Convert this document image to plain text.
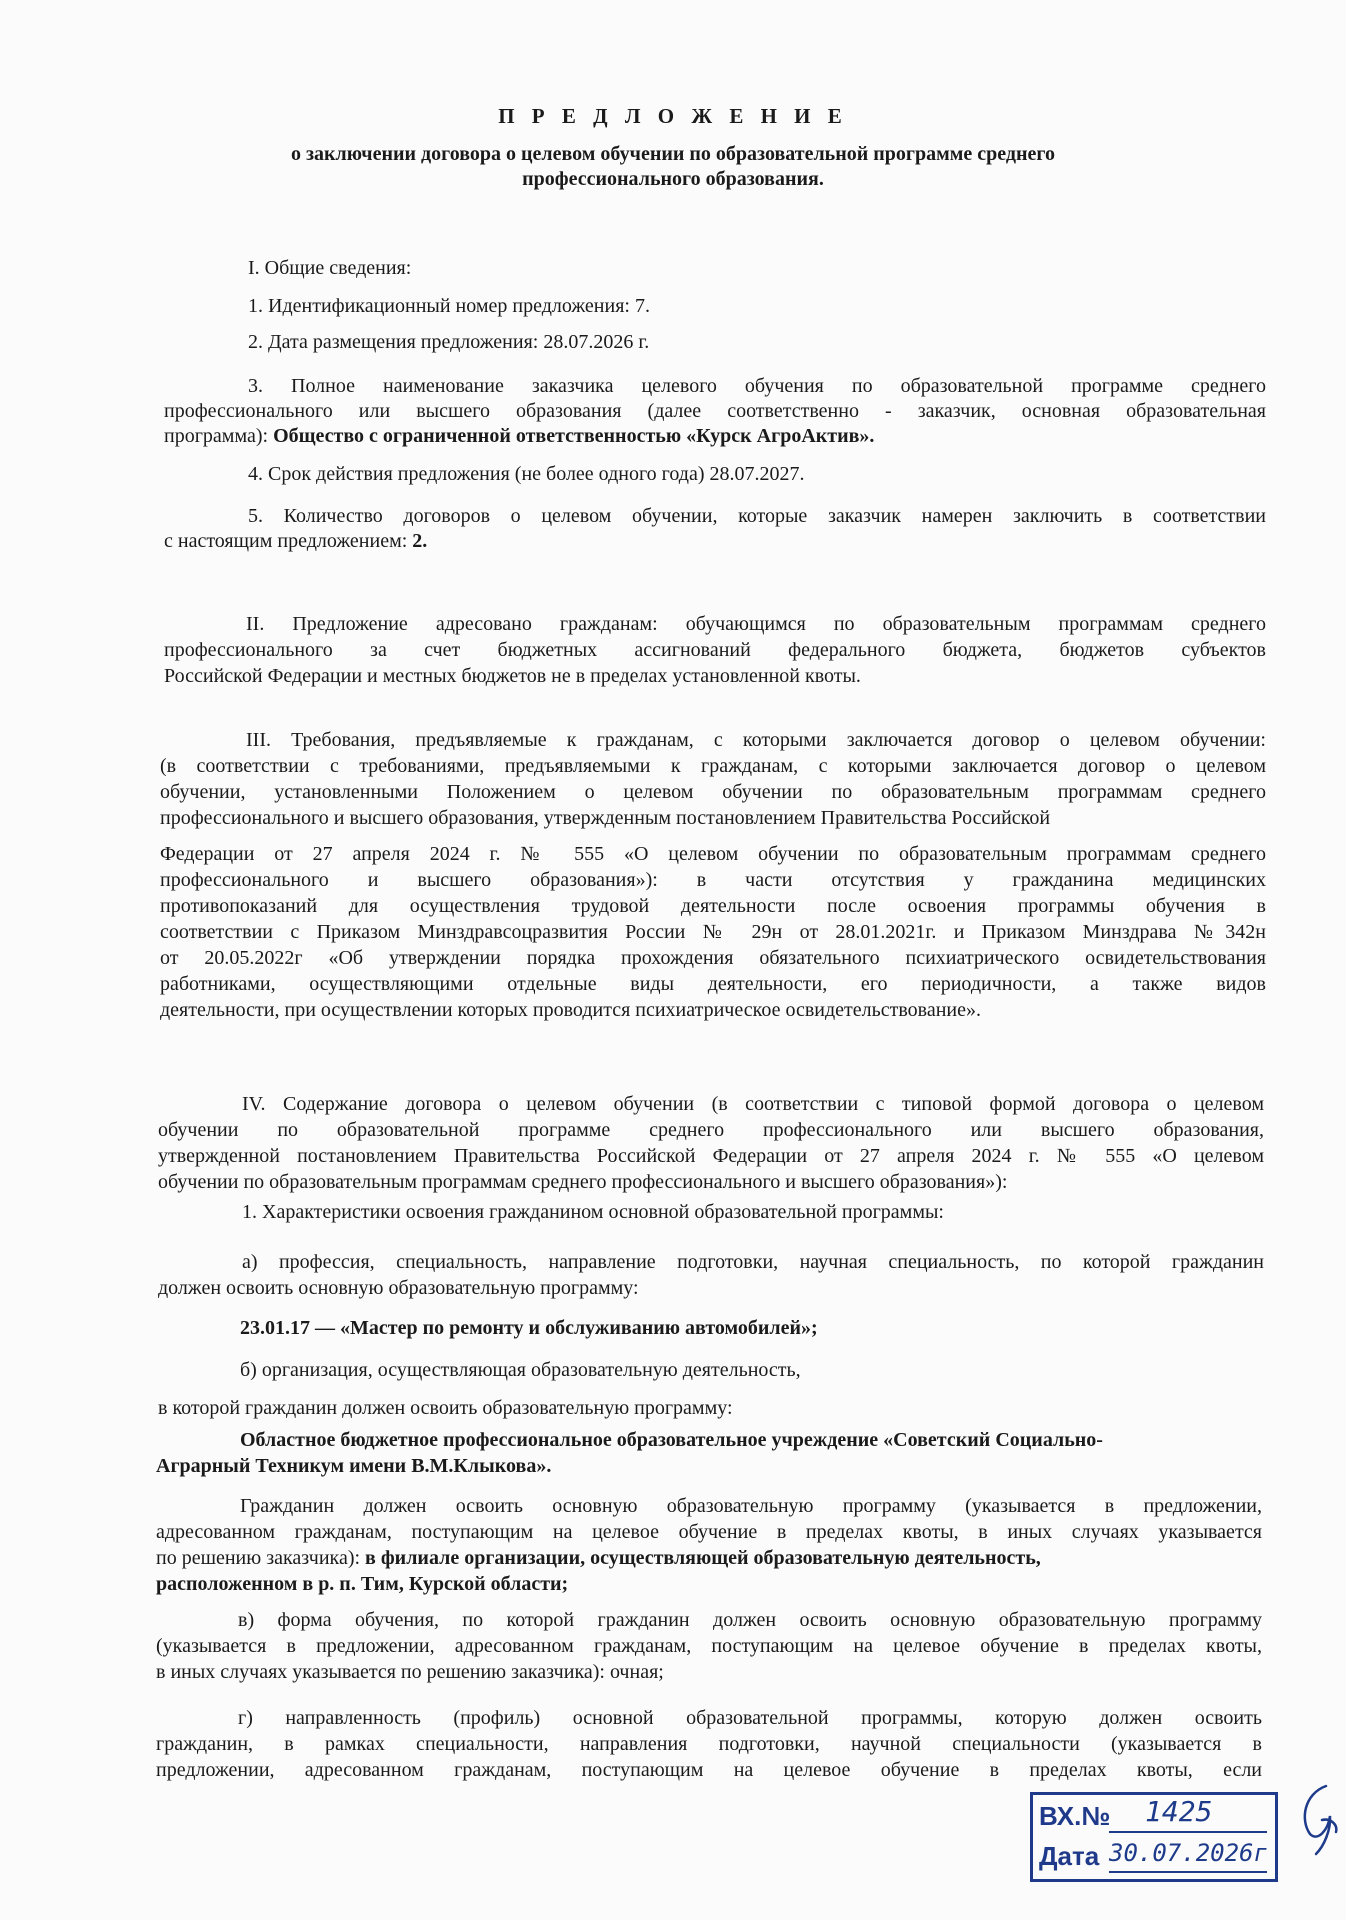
П Р Е Д Л О Ж Е Н И Е
о заключении договора о целевом обучении по образовательной программе среднего
профессионального образования.
I. Общие сведения:
1. Идентификационный номер предложения: 7.
2. Дата размещения предложения: 28.07.2026 г.
3. Полное наименование заказчика целевого обучения по образовательной программе среднего
профессионального или высшего образования (далее соответственно - заказчик, основная образовательная
программа): Общество с ограниченной ответственностью «Курск АгроАктив».
4. Срок действия предложения (не более одного года) 28.07.2027.
5. Количество договоров о целевом обучении, которые заказчик намерен заключить в соответствии
с настоящим предложением: 2.
II. Предложение адресовано гражданам: обучающимся по образовательным программам среднего
профессионального за счет бюджетных ассигнований федерального бюджета, бюджетов субъектов
Российской Федерации и местных бюджетов не в пределах установленной квоты.
III. Требования, предъявляемые к гражданам, с которыми заключается договор о целевом обучении:
(в соответствии с требованиями, предъявляемыми к гражданам, с которыми заключается договор о целевом
обучении, установленными Положением о целевом обучении по образовательным программам среднего
профессионального и высшего образования, утвержденным постановлением Правительства Российской
Федерации от 27 апреля 2024 г. № 555 «О целевом обучении по образовательным программам среднего
профессионального и высшего образования»): в части отсутствия у гражданина медицинских
противопоказаний для осуществления трудовой деятельности после освоения программы обучения в
соответствии с Приказом Минздравсоцразвития России № 29н от 28.01.2021г. и Приказом Минздрава №342н
от 20.05.2022г «Об утверждении порядка прохождения обязательного психиатрического освидетельствования
работниками, осуществляющими отдельные виды деятельности, его периодичности, а также видов
деятельности, при осуществлении которых проводится психиатрическое освидетельствование».
IV. Содержание договора о целевом обучении (в соответствии с типовой формой договора о целевом
обучении по образовательной программе среднего профессионального или высшего образования,
утвержденной постановлением Правительства Российской Федерации от 27 апреля 2024 г. № 555 «О целевом
обучении по образовательным программам среднего профессионального и высшего образования»):
1. Характеристики освоения гражданином основной образовательной программы:
а) профессия, специальность, направление подготовки, научная специальность, по которой гражданин
должен освоить основную образовательную программу:
23.01.17 — «Мастер по ремонту и обслуживанию автомобилей»;
б) организация, осуществляющая образовательную деятельность,
в которой гражданин должен освоить образовательную программу:
Областное бюджетное профессиональное образовательное учреждение «Советский Социально-
Аграрный Техникум имени В.М.Клыкова».
Гражданин должен освоить основную образовательную программу (указывается в предложении,
адресованном гражданам, поступающим на целевое обучение в пределах квоты, в иных случаях указывается
по решению заказчика): в филиале организации, осуществляющей образовательную деятельность,
расположенном в р. п. Тим, Курской области;
в) форма обучения, по которой гражданин должен освоить основную образовательную программу
(указывается в предложении, адресованном гражданам, поступающим на целевое обучение в пределах квоты,
в иных случаях указывается по решению заказчика): очная;
г) направленность (профиль) основной образовательной программы, которую должен освоить
гражданин, в рамках специальности, направления подготовки, научной специальности (указывается в
предложении, адресованном гражданам, поступающим на целевое обучение в пределах квоты, если
ВХ.№ 1425
Дата 30.07.2026г
